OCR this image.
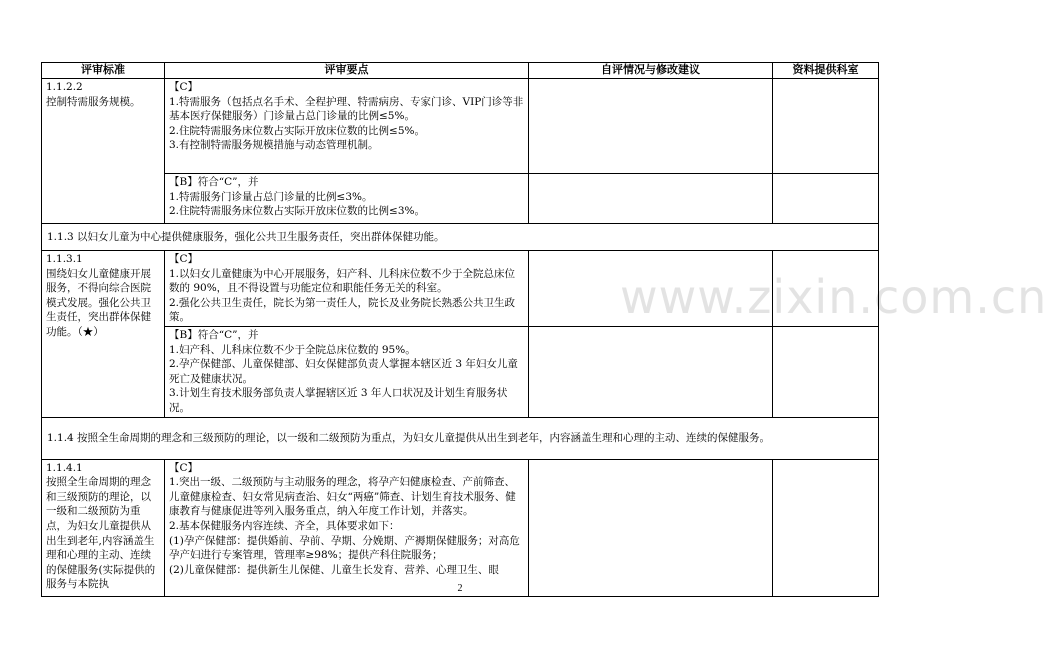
www.zixin.com.cn
评审标准	评审要点	自评情况与修改建议	资料提供科室

1.1.2.2
控制特需服务规模。	【C】
1.特需服务（包括点名手术、全程护理、特需病房、专家门诊、VIP门诊等非基本医疗保健服务）门诊量占总门诊量的比例≤5%。
2.住院特需服务床位数占实际开放床位数的比例≤5%。
3.有控制特需服务规模措施与动态管理机制。		

	【B】符合“C”，并
1.特需服务门诊量占总门诊量的比例≤3%。
2.住院特需服务床位数占实际开放床位数的比例≤3%。		

1.1.3 以妇女儿童为中心提供健康服务，强化公共卫生服务责任，突出群体保健功能。			

1.1.3.1
围绕妇女儿童健康开展服务，不得向综合医院模式发展。强化公共卫生责任，突出群体保健功能。（★）	【C】
1.以妇女儿童健康为中心开展服务，妇产科、儿科床位数不少于全院总床位数的 90%，且不得设置与功能定位和职能任务无关的科室。
2.强化公共卫生责任，院长为第一责任人，院长及业务院长熟悉公共卫生政策。		

	【B】符合“C”，并
1.妇产科、儿科床位数不少于全院总床位数的 95%。
2.孕产保健部、儿童保健部、妇女保健部负责人掌握本辖区近 3 年妇女儿童死亡及健康状况。
3.计划生育技术服务部负责人掌握辖区近 3 年人口状况及计划生育服务状况。		

1.1.4 按照全生命周期的理念和三级预防的理论，以一级和二级预防为重点，为妇女儿童提供从出生到老年，内容涵盖生理和心理的主动、连续的保健服务。			

1.1.4.1
按照全生命周期的理念和三级预防的理论，以一级和二级预防为重点，为妇女儿童提供从出生到老年,内容涵盖生理和心理的主动、连续的保健服务(实际提供的服务与本院执	【C】
1.突出一级、二级预防与主动服务的理念，将孕产妇健康检查、产前筛查、儿童健康检查、妇女常见病查治、妇女“两癌”筛查、计划生育技术服务、健康教育与健康促进等列入服务重点，纳入年度工作计划，并落实。
2.基本保健服务内容连续、齐全，具体要求如下：
(1)孕产保健部：提供婚前、孕前、孕期、分娩期、产褥期保健服务；对高危孕产妇进行专案管理，管理率≥98%；提供产科住院服务；
(2)儿童保健部：提供新生儿保健、儿童生长发育、营养、心理卫生、眼		

2
